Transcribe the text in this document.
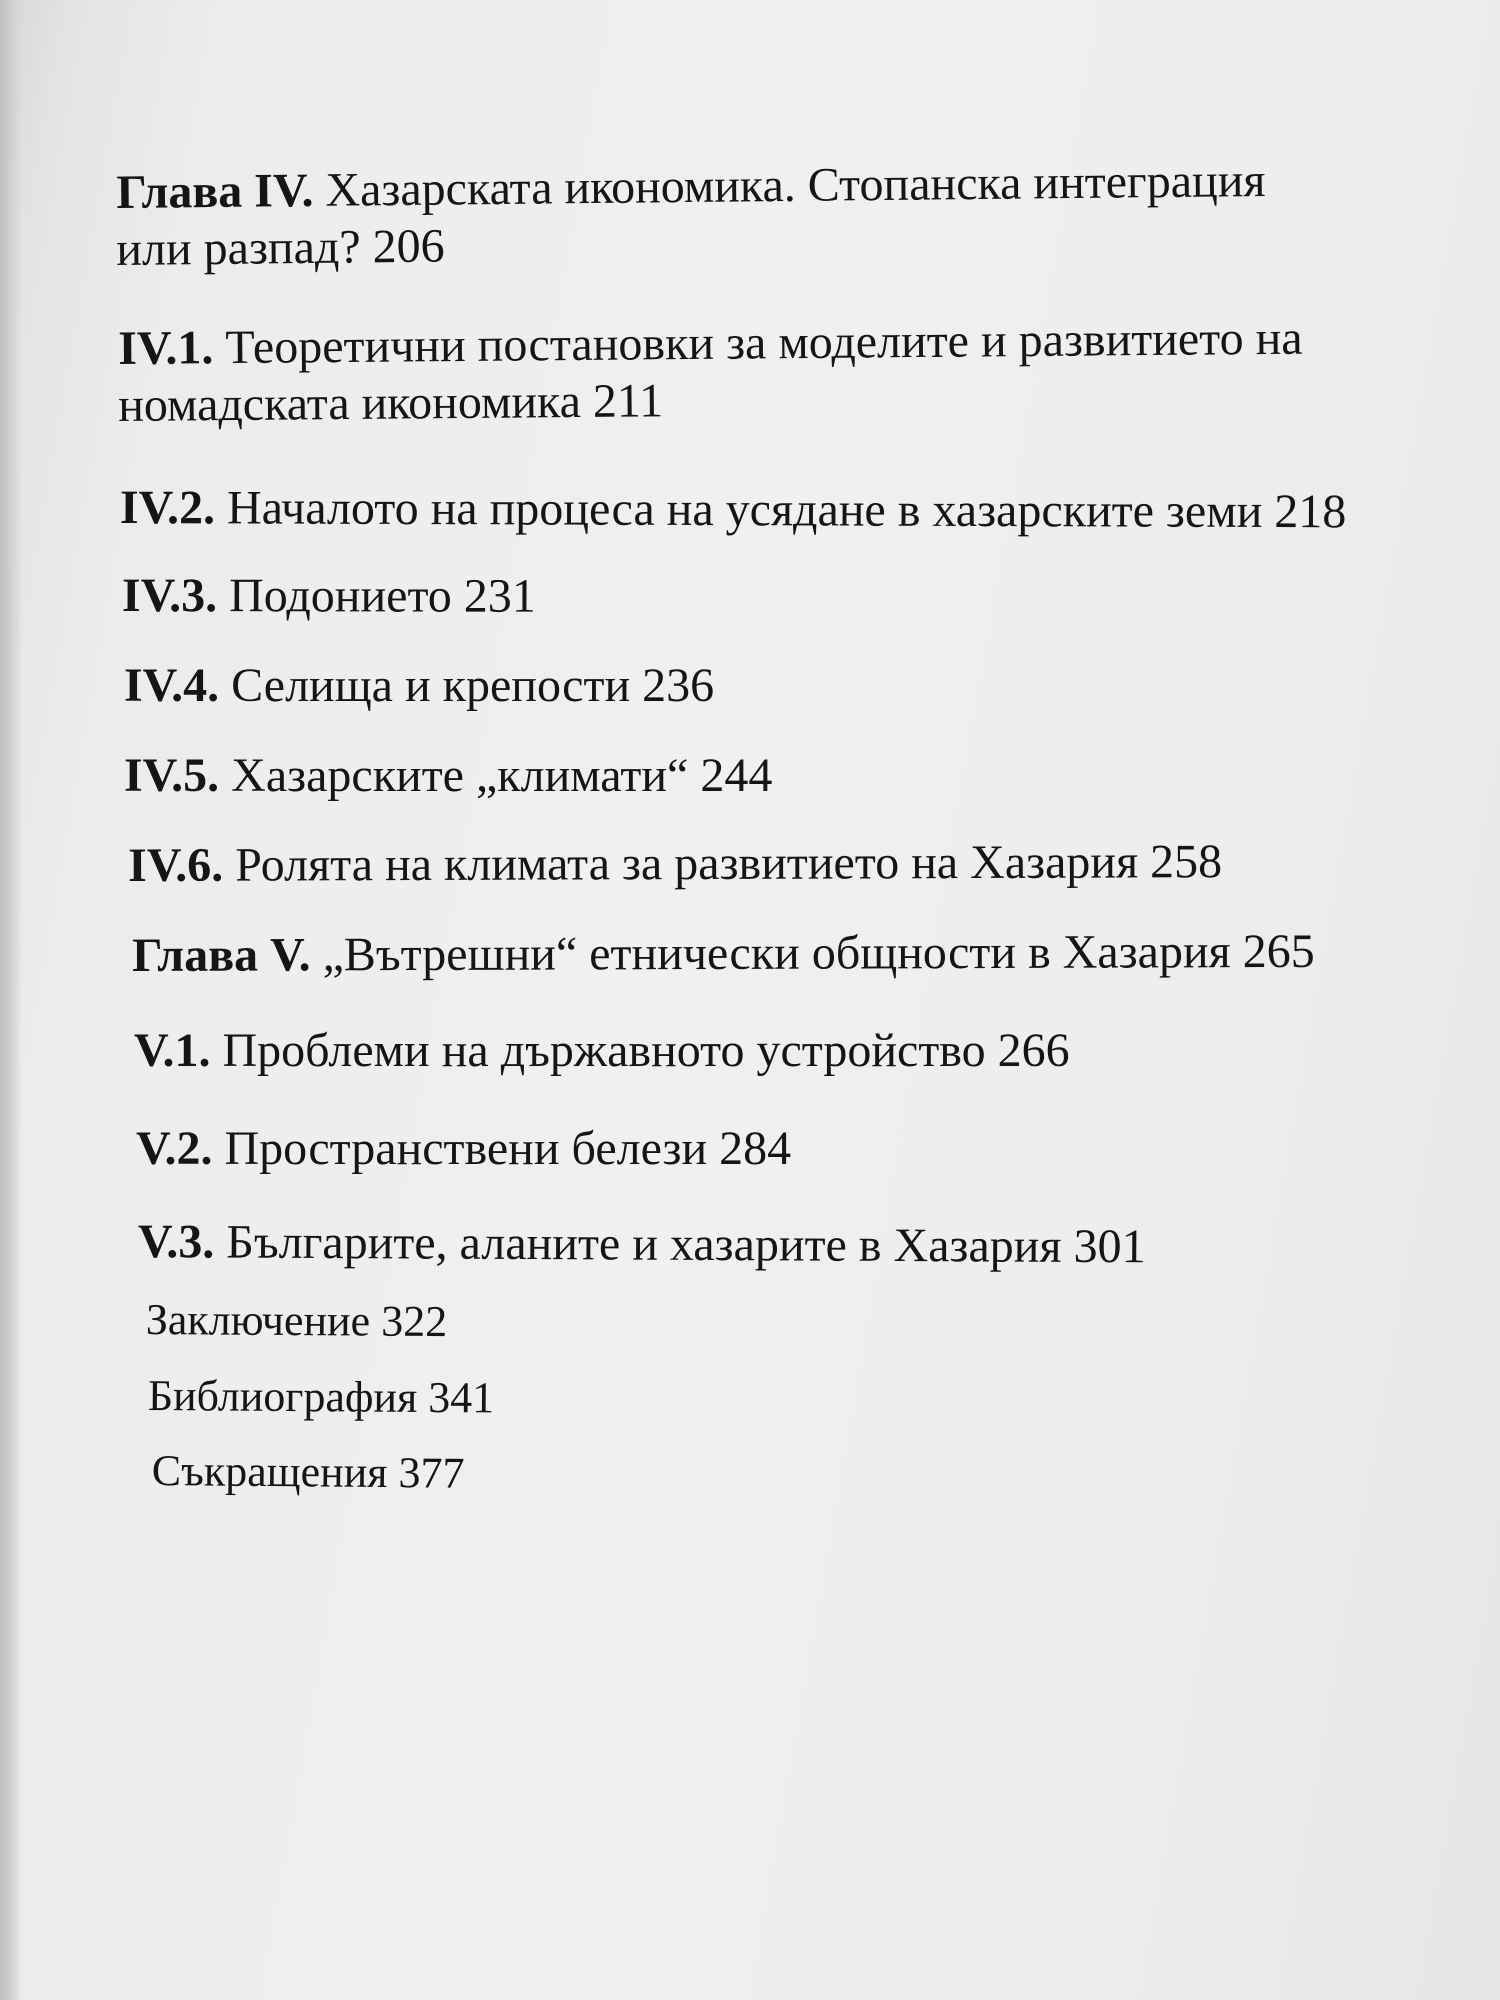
Глава IV. Хазарската икономика. Стопанска интеграция
или разпад? 206
IV.1. Теоретични постановки за моделите и развитието на
номадската икономика 211
IV.2. Началото на процеса на усядане в хазарските земи 218
IV.3. Подонието 231
IV.4. Селища и крепости 236
IV.5. Хазарските „климати“ 244
IV.6. Ролята на климата за развитието на Хазария 258
Глава V. „Вътрешни“ етнически общности в Хазария 265
V.1. Проблеми на държавното устройство 266
V.2. Пространствени белези 284
V.3. Българите, аланите и хазарите в Хазария 301
Заключение 322
Библиография 341
Съкращения 377
